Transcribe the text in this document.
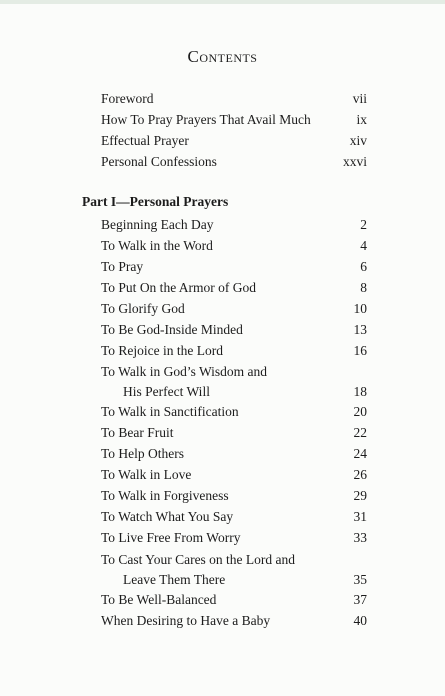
Contents
Foreword	vii
How To Pray Prayers That Avail Much	ix
Effectual Prayer	xiv
Personal Confessions	xxvi
Part I—Personal Prayers
Beginning Each Day	2
To Walk in the Word	4
To Pray	6
To Put On the Armor of God	8
To Glorify God	10
To Be God-Inside Minded	13
To Rejoice in the Lord	16
To Walk in God’s Wisdom and
His Perfect Will	18
To Walk in Sanctification	20
To Bear Fruit	22
To Help Others	24
To Walk in Love	26
To Walk in Forgiveness	29
To Watch What You Say	31
To Live Free From Worry	33
To Cast Your Cares on the Lord and
Leave Them There	35
To Be Well-Balanced	37
When Desiring to Have a Baby	40
